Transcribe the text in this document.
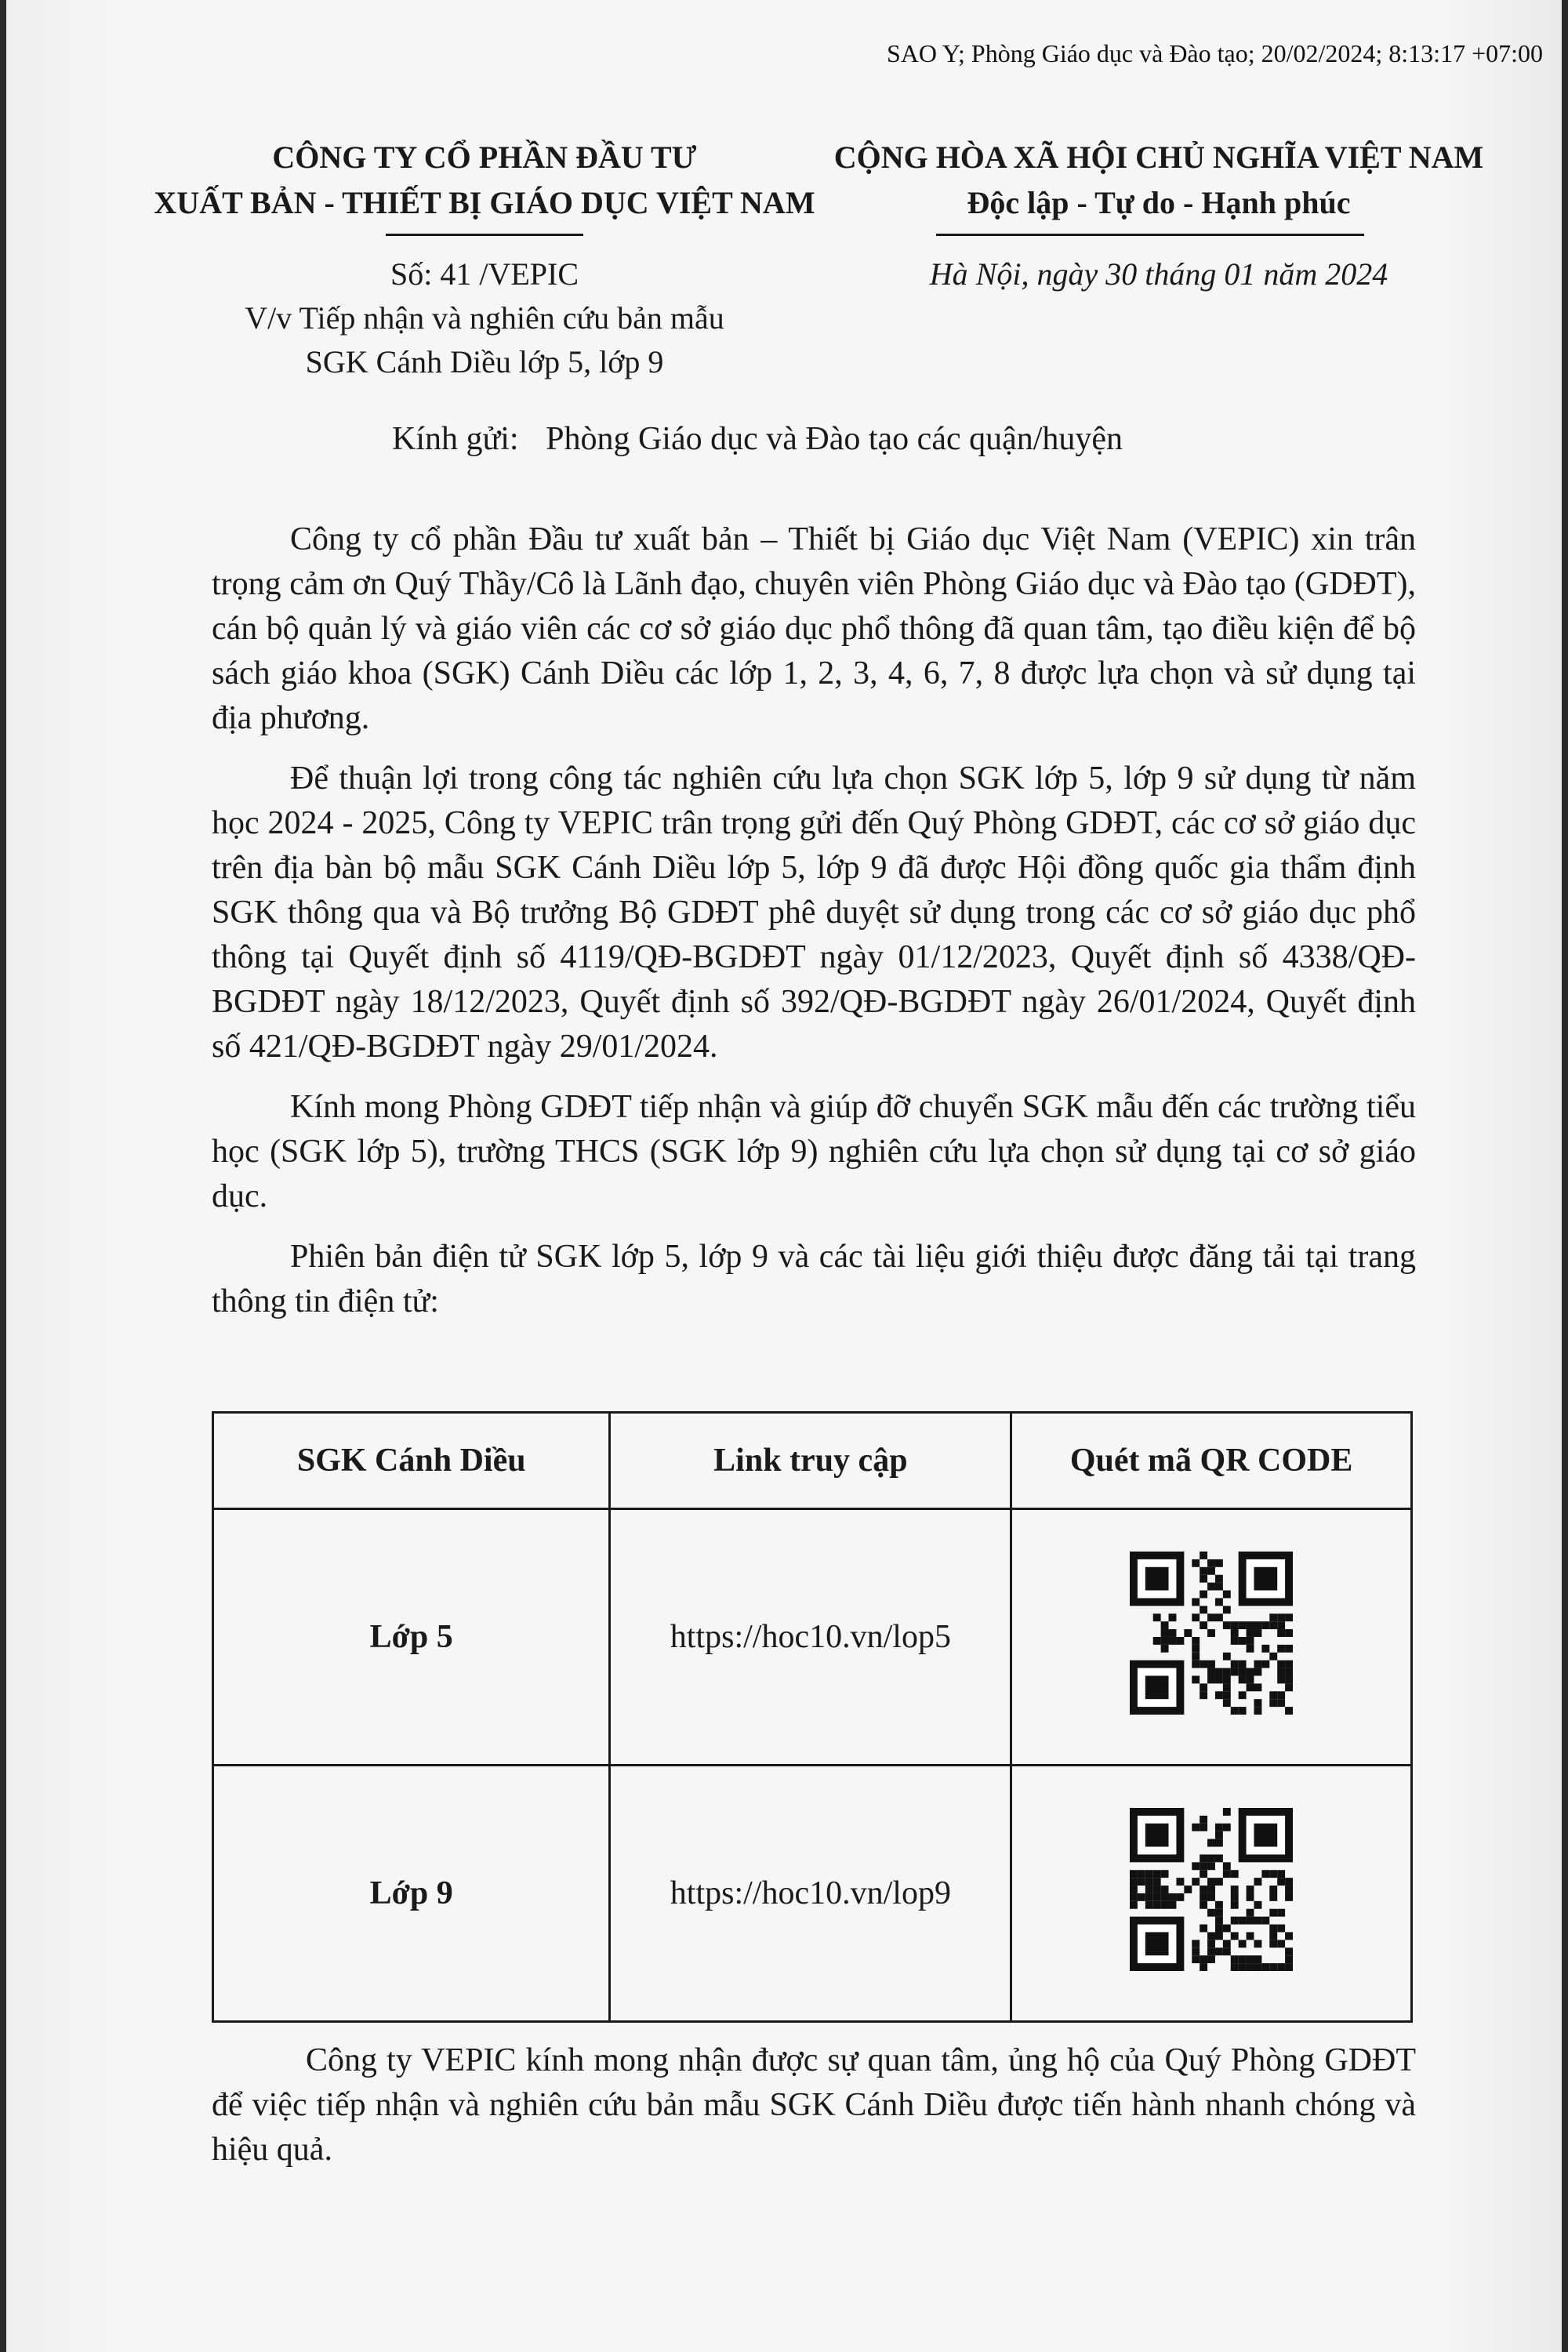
SAO Y; Phòng Giáo dục và Đào tạo; 20/02/2024; 8:13:17 +07:00
CÔNG TY CỔ PHẦN ĐẦU TƯ
XUẤT BẢN - THIẾT BỊ GIÁO DỤC VIỆT NAM
CỘNG HÒA XÃ HỘI CHỦ NGHĨA VIỆT NAM
Độc lập - Tự do - Hạnh phúc
Số: 41 /VEPIC
V/v Tiếp nhận và nghiên cứu bản mẫu
SGK Cánh Diều lớp 5, lớp 9
Hà Nội, ngày 30 tháng 01 năm 2024
Kính gửi: Phòng Giáo dục và Đào tạo các quận/huyện

Công ty cổ phần Đầu tư xuất bản – Thiết bị Giáo dục Việt Nam (VEPIC) xin trân trọng cảm ơn Quý Thầy/Cô là Lãnh đạo, chuyên viên Phòng Giáo dục và Đào tạo (GDĐT), cán bộ quản lý và giáo viên các cơ sở giáo dục phổ thông đã quan tâm, tạo điều kiện để bộ sách giáo khoa (SGK) Cánh Diều các lớp 1, 2, 3, 4, 6, 7, 8 được lựa chọn và sử dụng tại địa phương.

Để thuận lợi trong công tác nghiên cứu lựa chọn SGK lớp 5, lớp 9 sử dụng từ năm học 2024 - 2025, Công ty VEPIC trân trọng gửi đến Quý Phòng GDĐT, các cơ sở giáo dục trên địa bàn bộ mẫu SGK Cánh Diều lớp 5, lớp 9 đã được Hội đồng quốc gia thẩm định SGK thông qua và Bộ trưởng Bộ GDĐT phê duyệt sử dụng trong các cơ sở giáo dục phổ thông tại Quyết định số 4119/QĐ-BGDĐT ngày 01/12/2023, Quyết định số 4338/QĐ-BGDĐT ngày 18/12/2023, Quyết định số 392/QĐ-BGDĐT ngày 26/01/2024, Quyết định số 421/QĐ-BGDĐT ngày 29/01/2024.

Kính mong Phòng GDĐT tiếp nhận và giúp đỡ chuyển SGK mẫu đến các trường tiểu học (SGK lớp 5), trường THCS (SGK lớp 9) nghiên cứu lựa chọn sử dụng tại cơ sở giáo dục.

Phiên bản điện tử SGK lớp 5, lớp 9 và các tài liệu giới thiệu được đăng tải tại trang thông tin điện tử:

SGK Cánh Diều	Link truy cập	Quét mã QR CODE
Lớp 5	https://hoc10.vn/lop5	
Lớp 9	https://hoc10.vn/lop9	

Công ty VEPIC kính mong nhận được sự quan tâm, ủng hộ của Quý Phòng GDĐT để việc tiếp nhận và nghiên cứu bản mẫu SGK Cánh Diều được tiến hành nhanh chóng và hiệu quả.
